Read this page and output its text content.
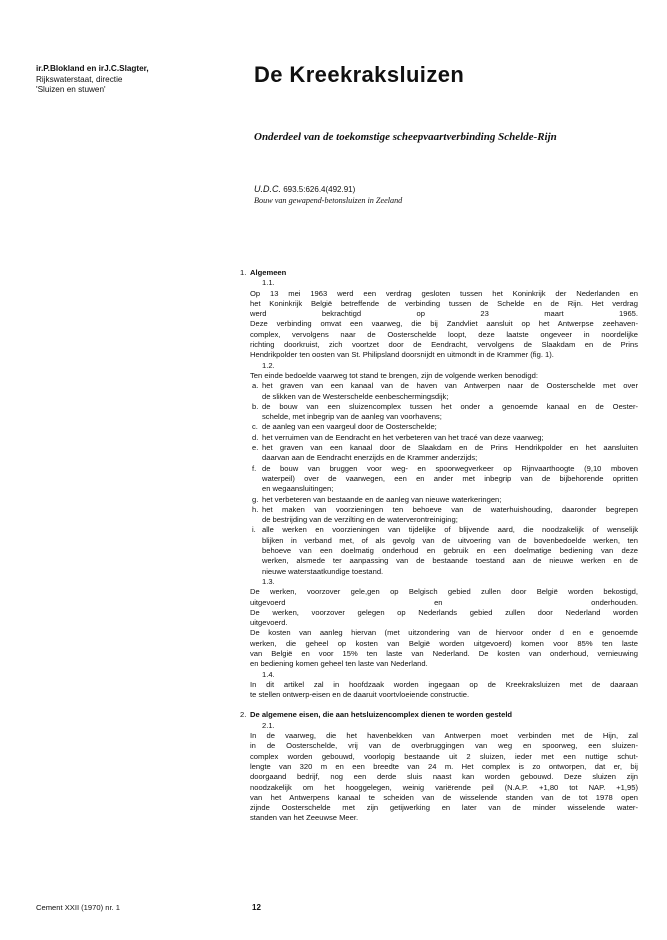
ir.P.Blokland en irJ.C.Slagter,
Rijkswaterstaat, directie
'Sluizen en stuwen'
De Kreekraksluizen
Onderdeel van de toekomstige scheepvaartverbinding Schelde-Rijn
U.D.C. 693.5:626.4(492.91)
Bouw van gewapend-betonsluizen in Zeeland
1. Algemeen
1.1.
Op 13 mei 1963 werd een verdrag gesloten tussen het Koninkrijk der Nederlanden en
het Koninkrijk België betreffende de verbinding tussen de Schelde en de Rijn. Het verdrag
werd bekrachtigd op 23 maart 1965.
Deze verbinding omvat een vaarweg, die bij Zandvliet aansluit op het Antwerpse zeehaven-
complex, vervolgens naar de Oosterschelde loopt, deze laatste ongeveer in noordelijke
richting doorkruist, zich voortzet door de Eendracht, vervolgens de Slaakdam en de Prins
Hendrikpolder ten oosten van St. Philipsland doorsnijdt en uitmondt in de Krammer (fig. 1).
1.2.
Ten einde bedoelde vaarweg tot stand te brengen, zijn de volgende werken benodigd:
a. het graven van een kanaal van de haven van Antwerpen naar de Oosterschelde met over
de slikken van de Westerschelde eenbeschermingsdijk;
b. de bouw van een sluizencomplex tussen het onder a genoemde kanaal en de Oester-
schelde, met inbegrip van de aanleg van voorhavens;
c. de aanleg van een vaargeul door de Oosterschelde;
d. het verruimen van de Eendracht en het verbeteren van het tracé van deze vaarweg;
e. het graven van een kanaal door de Slaakdam en de Prins Hendrikpolder en het aansluiten
daarvan aan de Eendracht enerzijds en de Krammer anderzijds;
f. de bouw van bruggen voor weg- en spoorwegverkeer op Rijnvaarthoogte (9,10 mboven
waterpeil) over de vaarwegen, een en ander met inbegrip van de bijbehorende opritten
en wegaansluitingen;
g. het verbeteren van bestaande en de aanleg van nieuwe waterkeringen;
h. het maken van voorzieningen ten behoeve van de waterhuishouding, daaronder begrepen
de bestrijding van de verzilting en de waterverontreiniging;
i. alle werken en voorzieningen van tijdelijke of blijvende aard, die noodzakelijk of wenselijk
blijken in verband met, of als gevolg van de uitvoering van de bovenbedoelde werken, ten
behoeve van een doelmatig onderhoud en gebruik en een doelmatige bediening van deze
werken, alsmede ter aanpassing van de bestaande toestand aan de nieuwe werken en de
nieuwe waterstaatkundige toestand.
1.3.
De werken, voorzover gele,gen op Belgisch gebied zullen door België worden bekostigd,
uitgevoerd en onderhouden.
De werken, voorzover gelegen op Nederlands gebied zullen door Nederland worden
uitgevoerd.
De kosten van aanleg hiervan (met uitzondering van de hiervoor onder d en e genoemde
werken, die geheel op kosten van België worden uitgevoerd) komen voor 85% ten laste
van België en voor 15% ten laste van Nederland. De kosten van onderhoud, vernieuwing
en bediening komen geheel ten laste van Nederland.
1.4.
In dit artikel zal in hoofdzaak worden ingegaan op de Kreekraksluizen met de daaraan
te stellen ontwerp-eisen en de daaruit voortvloeiende constructie.
2. De algemene eisen, die aan hetsluizencomplex dienen te worden gesteld
2.1.
In de vaarweg, die het havenbekken van Antwerpen moet verbinden met de Hijn, zal
in de Oosterschelde, vrij van de overbruggingen van weg en spoorweg, een sluizen-
complex worden gebouwd, voorlopig bestaande uit 2 sluizen, ieder met een nuttige schut-
lengte van 320 m en een breedte van 24 m. Het complex is zo ontworpen, dat er, bij
doorgaand bedrijf, nog een derde sluis naast kan worden gebouwd. Deze sluizen zijn
noodzakelijk om het hooggelegen, weinig variërende peil (N.A.P. +1,80 tot NAP. +1,95)
van het Antwerpens kanaal te scheiden van de wisselende standen van de tot 1978 open
zijnde Oosterschelde met zijn getijwerking en later van de minder wisselende water-
standen van het Zeeuwse Meer.
Cement XXII (1970) nr. 1	12
